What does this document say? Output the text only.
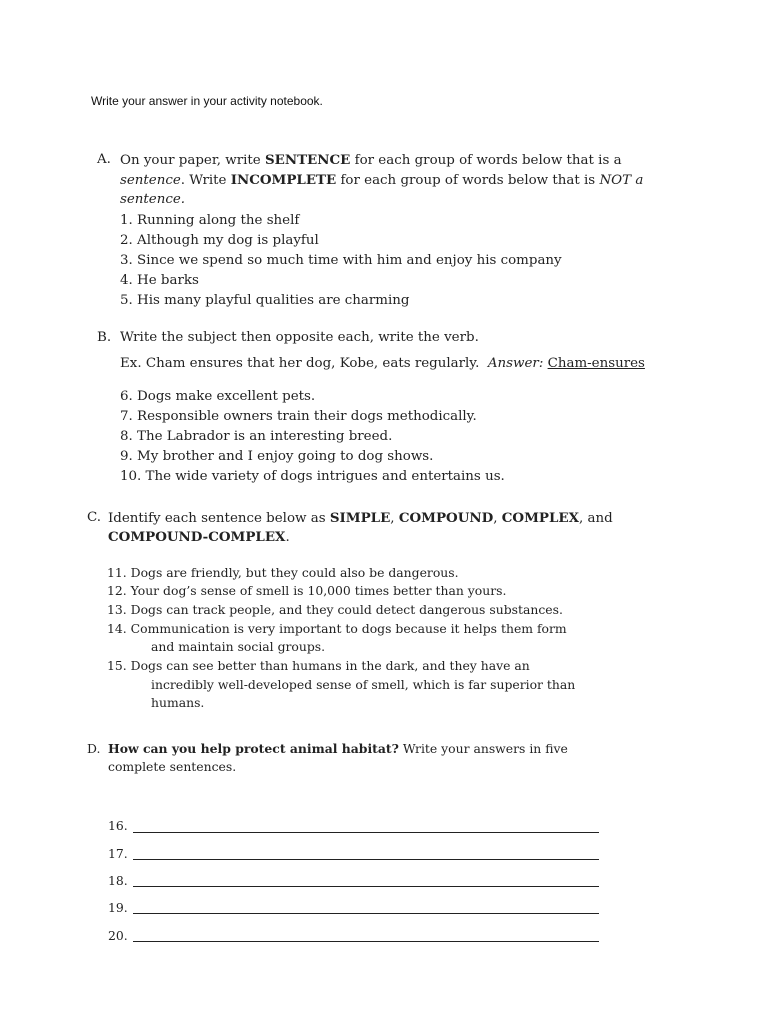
Write your answer in your activity notebook.
A. On your paper, write SENTENCE for each group of words below that is a
sentence. Write INCOMPLETE for each group of words below that is NOT a
sentence.
1. Running along the shelf
2. Although my dog is playful
3. Since we spend so much time with him and enjoy his company
4. He barks
5. His many playful qualities are charming
B. Write the subject then opposite each, write the verb.
Ex. Cham ensures that her dog, Kobe, eats regularly. Answer: Cham-ensures
6. Dogs make excellent pets.
7. Responsible owners train their dogs methodically.
8. The Labrador is an interesting breed.
9. My brother and I enjoy going to dog shows.
10. The wide variety of dogs intrigues and entertains us.
C. Identify each sentence below as SIMPLE, COMPOUND, COMPLEX, and
COMPOUND-COMPLEX.
11. Dogs are friendly, but they could also be dangerous.
12. Your dog’s sense of smell is 10,000 times better than yours.
13. Dogs can track people, and they could detect dangerous substances.
14. Communication is very important to dogs because it helps them form
and maintain social groups.
15. Dogs can see better than humans in the dark, and they have an
incredibly well-developed sense of smell, which is far superior than
humans.
D. How can you help protect animal habitat? Write your answers in five
complete sentences.
16.
17.
18.
19.
20.
